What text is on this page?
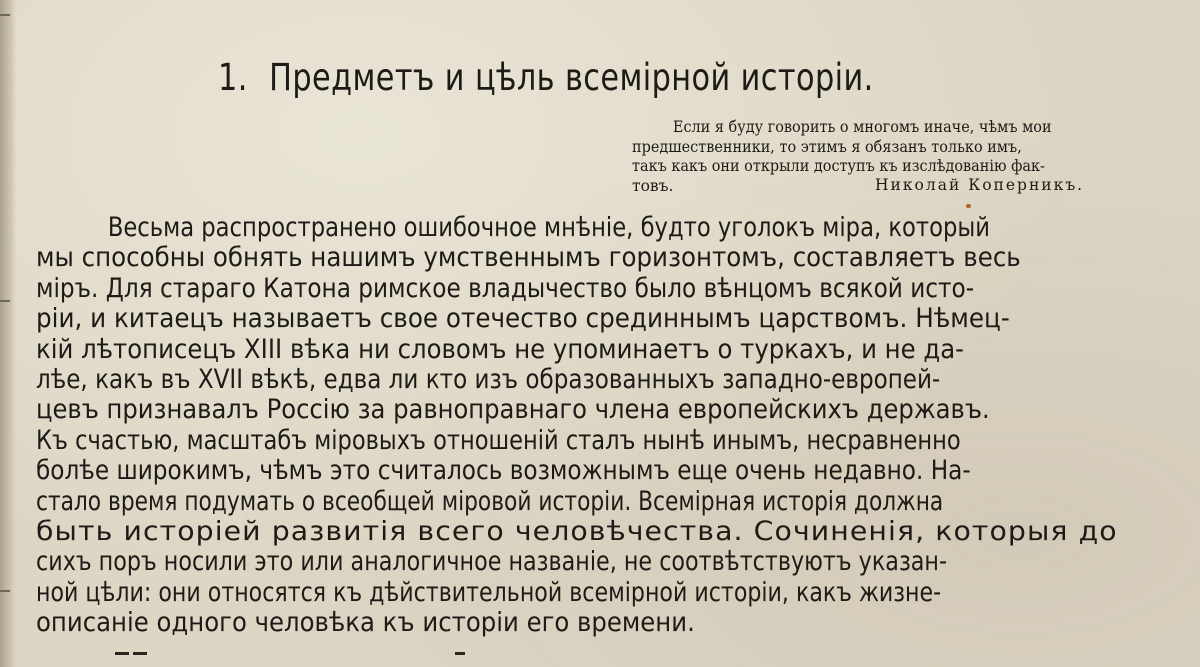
1. Предметъ и цѣль всемірной исторіи.
Если я буду говорить о многомъ иначе, чѣмъ мои
предшественники, то этимъ я обязанъ только имъ,
такъ какъ они открыли доступъ къ изслѣдованію фак-
товъ.	Николай Коперникъ.
Весьма распространено ошибочное мнѣніе, будто уголокъ міра, который
мы способны обнять нашимъ умственнымъ горизонтомъ, составляетъ весь
міръ. Для стараго Катона римское владычество было вѣнцомъ всякой исто-
ріи, и китаецъ называетъ свое отечество срединнымъ царствомъ. Нѣмец-
кій лѣтописецъ XIII вѣка ни словомъ не упоминаетъ о туркахъ, и не да-
лѣе, какъ въ XVII вѣкѣ, едва ли кто изъ образованныхъ западно-европей-
цевъ признавалъ Россію за равноправнаго члена европейскихъ державъ.
Къ счастью, масштабъ міровыхъ отношеній сталъ нынѣ инымъ, несравненно
болѣе широкимъ, чѣмъ это считалось возможнымъ еще очень недавно. На-
стало время подумать о всеобщей міровой исторіи. Всемірная исторія должна
быть исторіей развитія всего человѣчества. Сочиненія, которыя до
сихъ поръ носили это или аналогичное названіе, не соотвѣтствуютъ указан-
ной цѣли: они относятся къ дѣйствительной всемірной исторіи, какъ жизне-
описаніе одного человѣка къ исторіи его времени.
